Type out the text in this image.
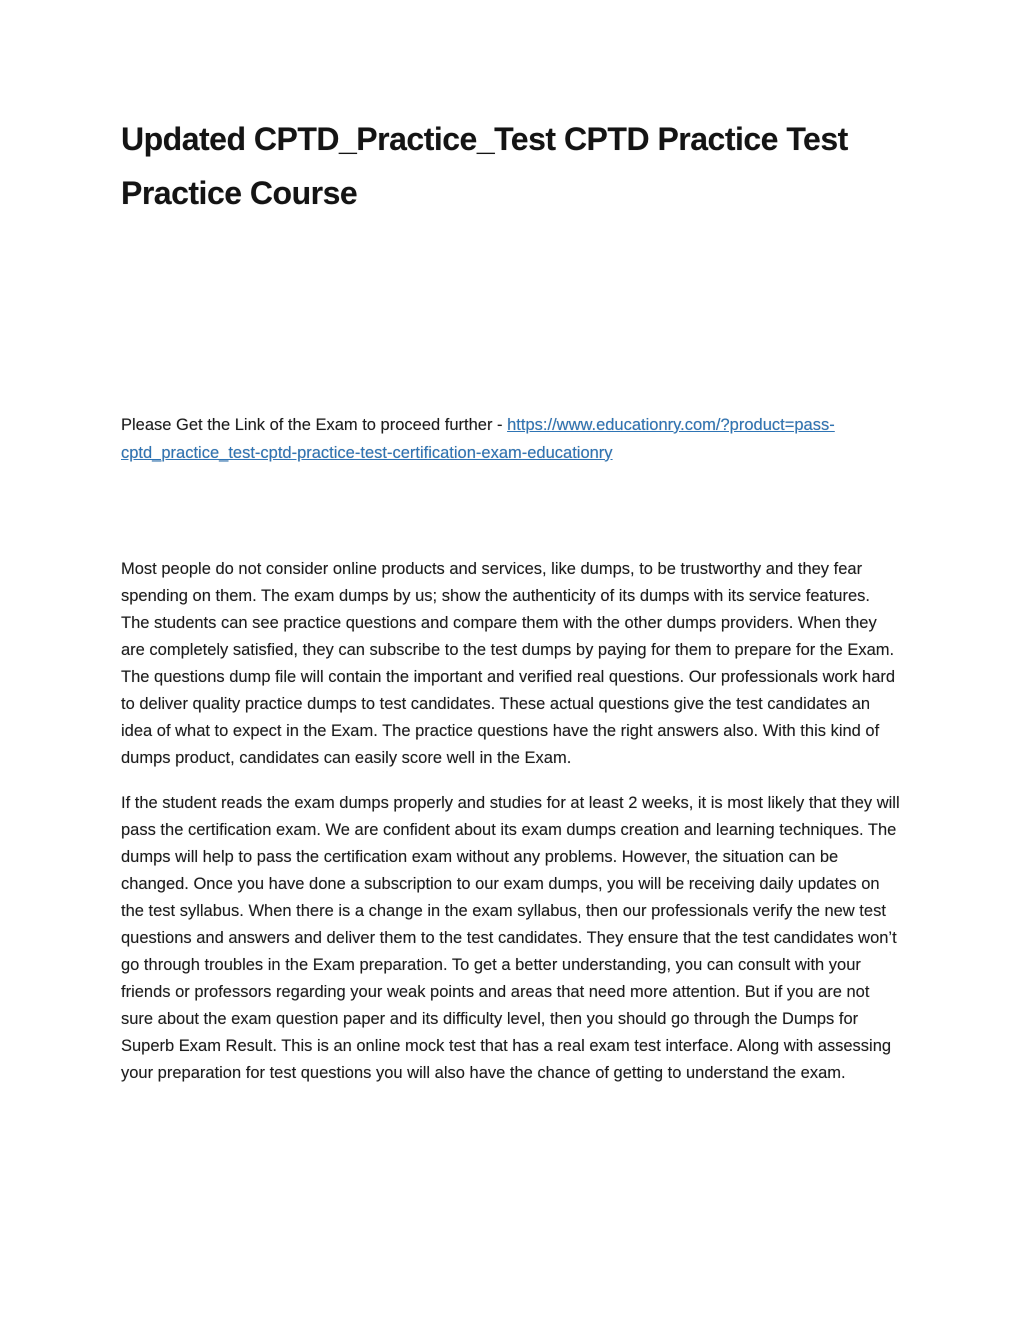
Updated CPTD_Practice_Test CPTD Practice Test Practice Course

Please Get the Link of the Exam to proceed further - https://www.educationry.com/?product=pass-cptd_practice_test-cptd-practice-test-certification-exam-educationry

Most people do not consider online products and services, like dumps, to be trustworthy and they fear spending on them. The exam dumps by us; show the authenticity of its dumps with its service features. The students can see practice questions and compare them with the other dumps providers. When they are completely satisfied, they can subscribe to the test dumps by paying for them to prepare for the Exam. The questions dump file will contain the important and verified real questions. Our professionals work hard to deliver quality practice dumps to test candidates. These actual questions give the test candidates an idea of what to expect in the Exam. The practice questions have the right answers also. With this kind of dumps product, candidates can easily score well in the Exam.

If the student reads the exam dumps properly and studies for at least 2 weeks, it is most likely that they will pass the certification exam. We are confident about its exam dumps creation and learning techniques. The dumps will help to pass the certification exam without any problems. However, the situation can be changed. Once you have done a subscription to our exam dumps, you will be receiving daily updates on the test syllabus. When there is a change in the exam syllabus, then our professionals verify the new test questions and answers and deliver them to the test candidates. They ensure that the test candidates won’t go through troubles in the Exam preparation. To get a better understanding, you can consult with your friends or professors regarding your weak points and areas that need more attention. But if you are not sure about the exam question paper and its difficulty level, then you should go through the Dumps for Superb Exam Result. This is an online mock test that has a real exam test interface. Along with assessing your preparation for test questions you will also have the chance of getting to understand the exam.
